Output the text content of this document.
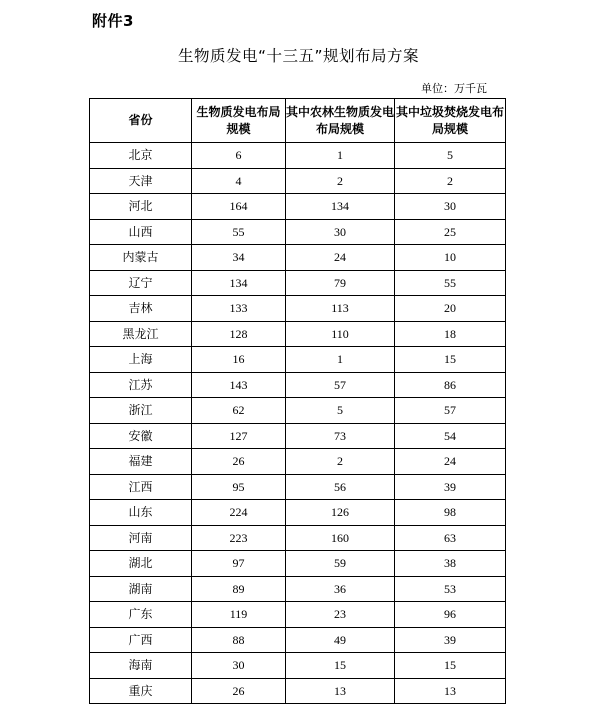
附件3
生物质发电“十三五”规划布局方案
单位：万千瓦
省份	生物质发电布局规模	其中农林生物质发电布局规模	其中垃圾焚烧发电布局规模
北京	6	1	5
天津	4	2	2
河北	164	134	30
山西	55	30	25
内蒙古	34	24	10
辽宁	134	79	55
吉林	133	113	20
黑龙江	128	110	18
上海	16	1	15
江苏	143	57	86
浙江	62	5	57
安徽	127	73	54
福建	26	2	24
江西	95	56	39
山东	224	126	98
河南	223	160	63
湖北	97	59	38
湖南	89	36	53
广东	119	23	96
广西	88	49	39
海南	30	15	15
重庆	26	13	13
